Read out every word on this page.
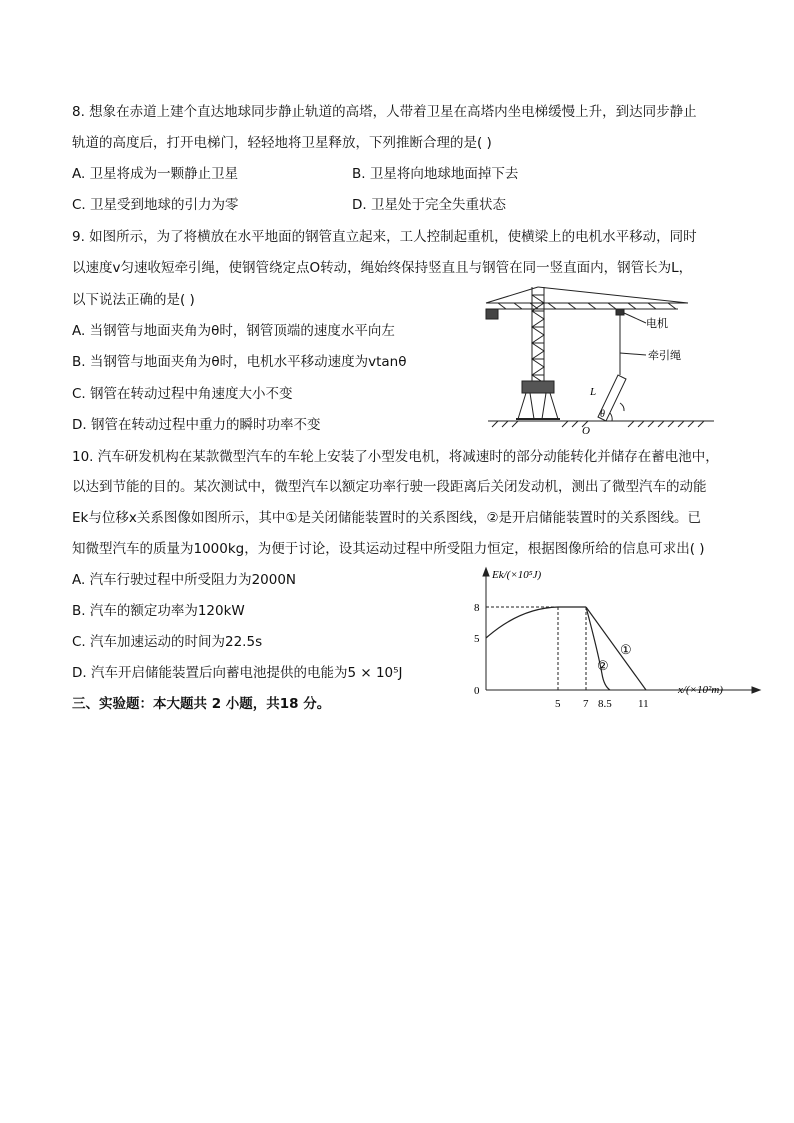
8. 想象在赤道上建个直达地球同步静止轨道的高塔，人带着卫星在高塔内坐电梯缓慢上升，到达同步静止
轨道的高度后，打开电梯门，轻轻地将卫星释放，下列推断合理的是( )
A. 卫星将成为一颗静止卫星	B. 卫星将向地球地面掉下去
C. 卫星受到地球的引力为零	D. 卫星处于完全失重状态
9. 如图所示，为了将横放在水平地面的钢管直立起来，工人控制起重机，使横梁上的电机水平移动，同时
以速度v匀速收短牵引绳，使钢管绕定点O转动，绳始终保持竖直且与钢管在同一竖直面内，钢管长为L，
以下说法正确的是( )
A. 当钢管与地面夹角为θ时，钢管顶端的速度水平向左
B. 当钢管与地面夹角为θ时，电机水平移动速度为vtanθ
C. 钢管在转动过程中角速度大小不变
D. 钢管在转动过程中重力的瞬时功率不变
电机
牵引绳
L
θ
O
10. 汽车研发机构在某款微型汽车的车轮上安装了小型发电机，将减速时的部分动能转化并储存在蓄电池中，
以达到节能的目的。某次测试中，微型汽车以额定功率行驶一段距离后关闭发动机，测出了微型汽车的动能
Ek与位移x关系图像如图所示，其中①是关闭储能装置时的关系图线，②是开启储能装置时的关系图线。已
知微型汽车的质量为1000kg，为便于讨论，设其运动过程中所受阻力恒定，根据图像所给的信息可求出( )
A. 汽车行驶过程中所受阻力为2000N
B. 汽车的额定功率为120kW
C. 汽车加速运动的时间为22.5s
D. 汽车开启储能装置后向蓄电池提供的电能为5 × 10⁵J
Ek/(×10⁵J)
x/(×10²m)
8
5
0
5 7 8.5 11
①
②
三、实验题：本大题共 2 小题，共18 分。
